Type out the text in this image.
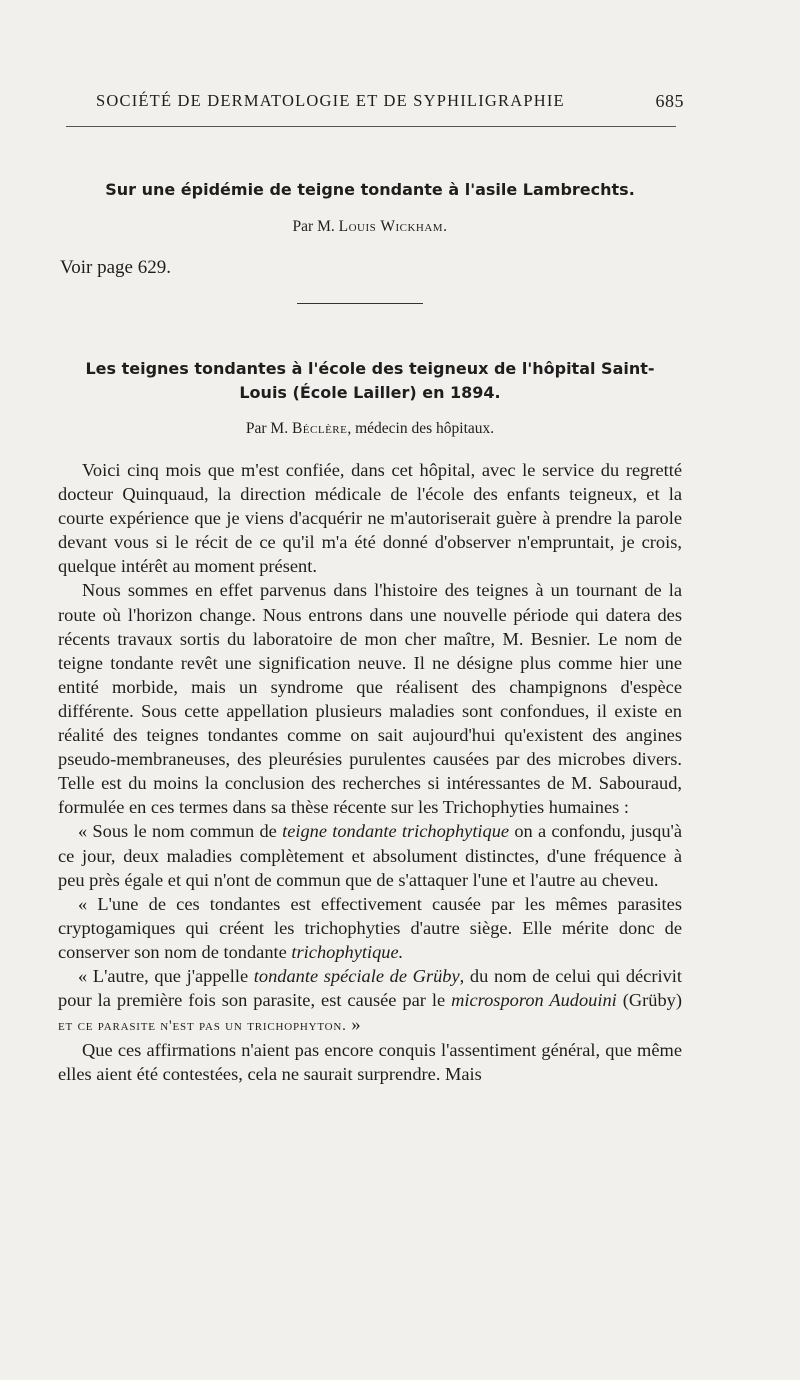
SOCIÉTÉ DE DERMATOLOGIE ET DE SYPHILIGRAPHIE	685
Sur une épidémie de teigne tondante à l'asile Lambrechts.
Par M. Louis Wickham.
Voir page 629.
Les teignes tondantes à l'école des teigneux de l'hôpital Saint-
Louis (École Lailler) en 1894.
Par M. Béclère, médecin des hôpitaux.

Voici cinq mois que m'est confiée, dans cet hôpital, avec le service du regretté docteur Quinquaud, la direction médicale de l'école des enfants teigneux, et la courte expérience que je viens d'acquérir ne m'autoriserait guère à prendre la parole devant vous si le récit de ce qu'il m'a été donné d'observer n'empruntait, je crois, quelque intérêt au moment présent.

Nous sommes en effet parvenus dans l'histoire des teignes à un tournant de la route où l'horizon change. Nous entrons dans une nouvelle période qui datera des récents travaux sortis du laboratoire de mon cher maître, M. Besnier. Le nom de teigne tondante revêt une signification neuve. Il ne désigne plus comme hier une entité morbide, mais un syndrome que réalisent des champignons d'espèce différente. Sous cette appellation plusieurs maladies sont confondues, il existe en réalité des teignes tondantes comme on sait aujourd'hui qu'existent des angines pseudo-membraneuses, des pleurésies purulentes causées par des microbes divers. Telle est du moins la conclusion des recherches si intéressantes de M. Sabouraud, formulée en ces termes dans sa thèse récente sur les Trichophyties humaines :

« Sous le nom commun de teigne tondante trichophytique on a confondu, jusqu'à ce jour, deux maladies complètement et absolument distinctes, d'une fréquence à peu près égale et qui n'ont de commun que de s'attaquer l'une et l'autre au cheveu.

« L'une de ces tondantes est effectivement causée par les mêmes parasites cryptogamiques qui créent les trichophyties d'autre siège. Elle mérite donc de conserver son nom de tondante trichophytique.

« L'autre, que j'appelle tondante spéciale de Grüby, du nom de celui qui décrivit pour la première fois son parasite, est causée par le microsporon Audouini (Grüby) et ce parasite n'est pas un trichophyton. »

Que ces affirmations n'aient pas encore conquis l'assentiment général, que même elles aient été contestées, cela ne saurait surprendre. Mais
